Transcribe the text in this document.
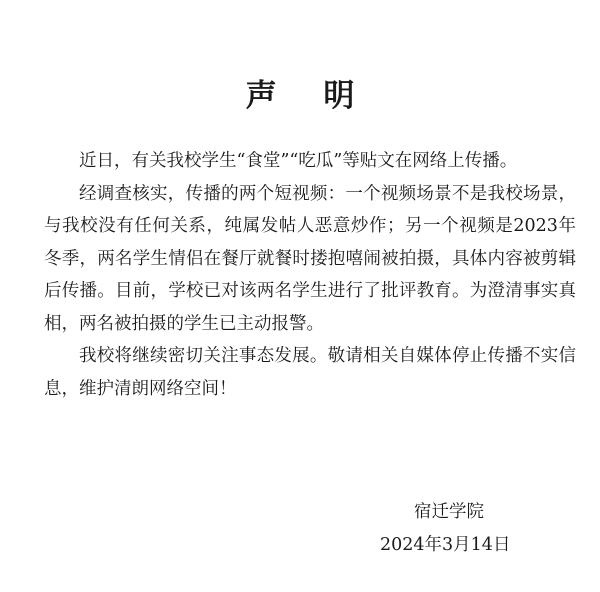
声 明

近日，有关我校学生“食堂”“吃瓜”等贴文在网络上传播。

经调查核实，传播的两个短视频：一个视频场景不是我校场景，与我校没有任何关系，纯属发帖人恶意炒作；另一个视频是2023年冬季，两名学生情侣在餐厅就餐时搂抱嘻闹被拍摄，具体内容被剪辑后传播。目前，学校已对该两名学生进行了批评教育。为澄清事实真相，两名被拍摄的学生已主动报警。

我校将继续密切关注事态发展。敬请相关自媒体停止传播不实信息，维护清朗网络空间！

宿迁学院
2024年3月14日
